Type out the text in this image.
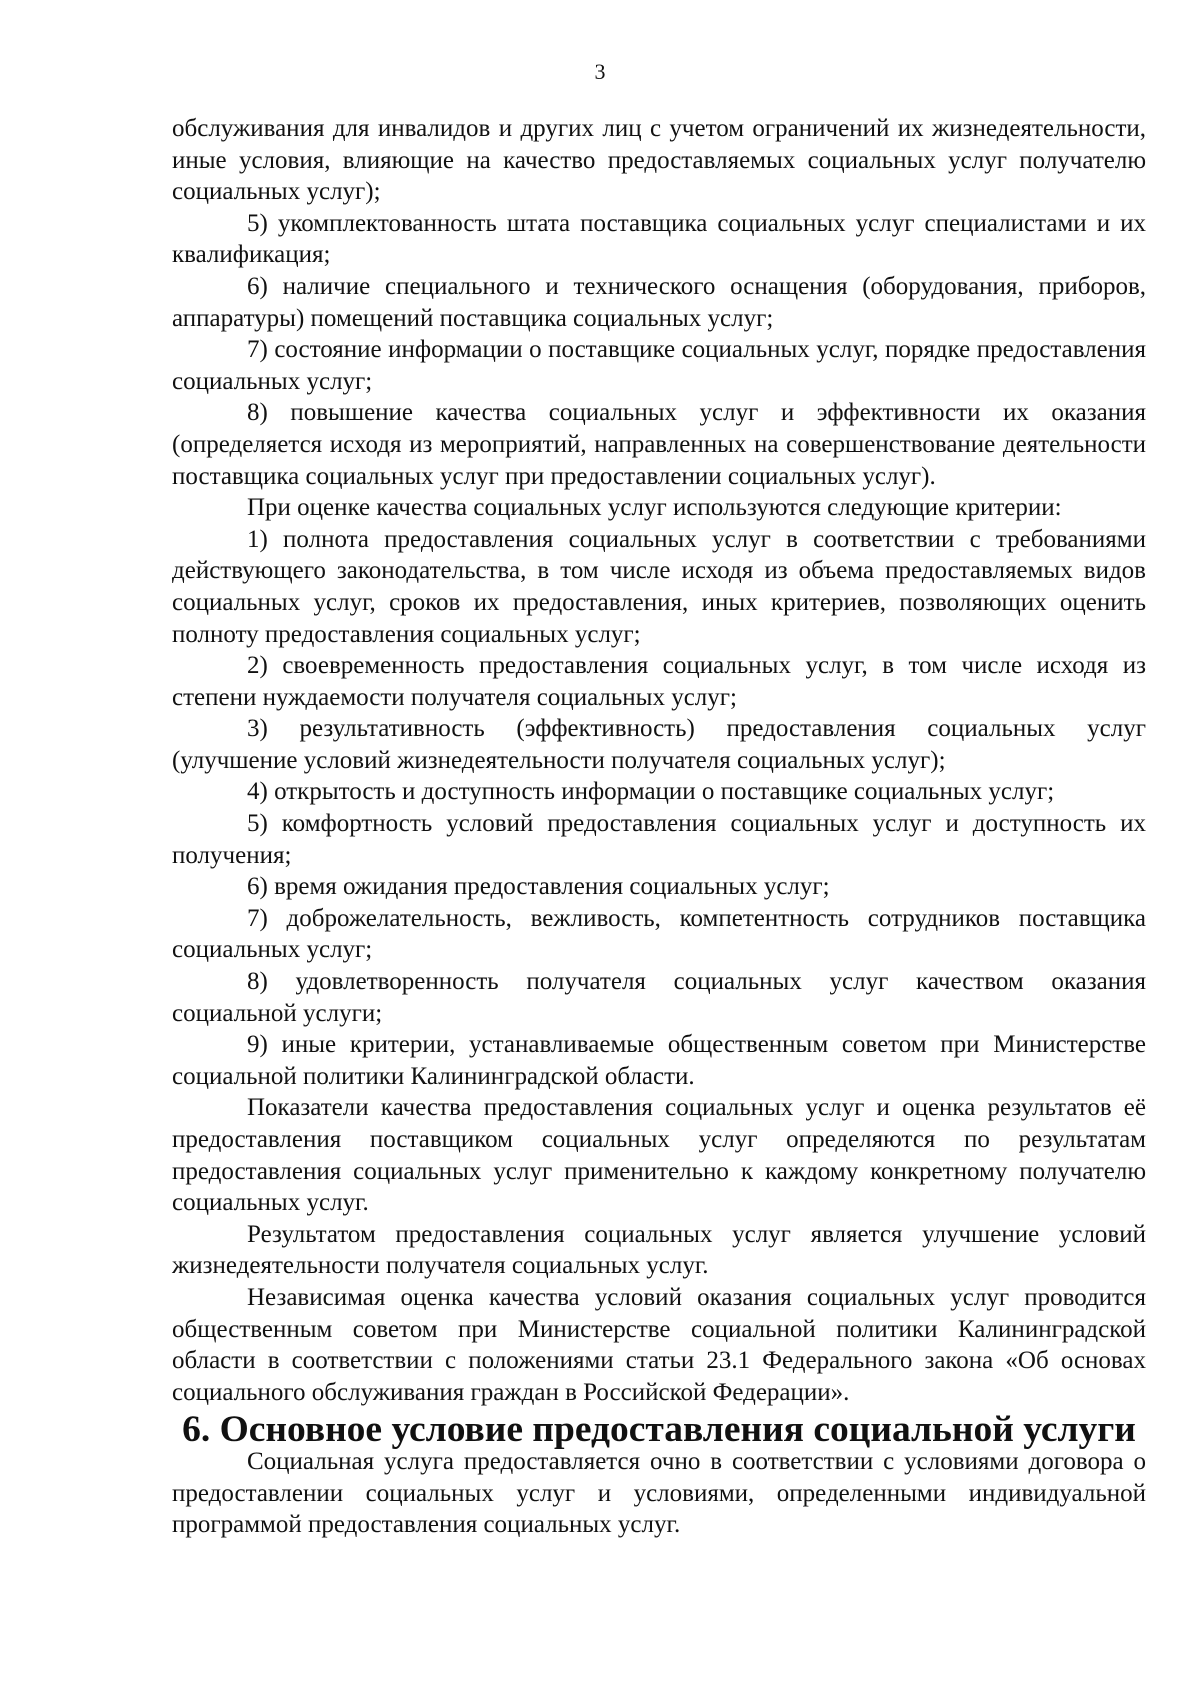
3

обслуживания для инвалидов и других лиц с учетом ограничений их жизнедеятельности, иные условия, влияющие на качество предоставляемых социальных услуг получателю социальных услуг);

5) укомплектованность штата поставщика социальных услуг специалистами и их квалификация;

6) наличие специального и технического оснащения (оборудования, приборов, аппаратуры) помещений поставщика социальных услуг;

7) состояние информации о поставщике социальных услуг, порядке предоставления социальных услуг;

8) повышение качества социальных услуг и эффективности их оказания (определяется исходя из мероприятий, направленных на совершенствование деятельности поставщика социальных услуг при предоставлении социальных услуг).

При оценке качества социальных услуг используются следующие критерии:

1) полнота предоставления социальных услуг в соответствии с требованиями действующего законодательства, в том числе исходя из объема предоставляемых видов социальных услуг, сроков их предоставления, иных критериев, позволяющих оценить полноту предоставления социальных услуг;

2) своевременность предоставления социальных услуг, в том числе исходя из степени нуждаемости получателя социальных услуг;

3) результативность (эффективность) предоставления социальных услуг (улучшение условий жизнедеятельности получателя социальных услуг);

4) открытость и доступность информации о поставщике социальных услуг;

5) комфортность условий предоставления социальных услуг и доступность их получения;

6) время ожидания предоставления социальных услуг;

7) доброжелательность, вежливость, компетентность сотрудников поставщика социальных услуг;

8) удовлетворенность получателя социальных услуг качеством оказания социальной услуги;

9) иные критерии, устанавливаемые общественным советом при Министерстве социальной политики Калининградской области.

Показатели качества предоставления социальных услуг и оценка результатов её предоставления поставщиком социальных услуг определяются по результатам предоставления социальных услуг применительно к каждому конкретному получателю социальных услуг.

Результатом предоставления социальных услуг является улучшение условий жизнедеятельности получателя социальных услуг.

Независимая оценка качества условий оказания социальных услуг проводится общественным советом при Министерстве социальной политики Калининградской области в соответствии с положениями статьи 23.1 Федерального закона «Об основах социального обслуживания граждан в Российской Федерации».

6. Основное условие предоставления социальной услуги

Социальная услуга предоставляется очно в соответствии с условиями договора о предоставлении социальных услуг и условиями, определенными индивидуальной программой предоставления социальных услуг.
